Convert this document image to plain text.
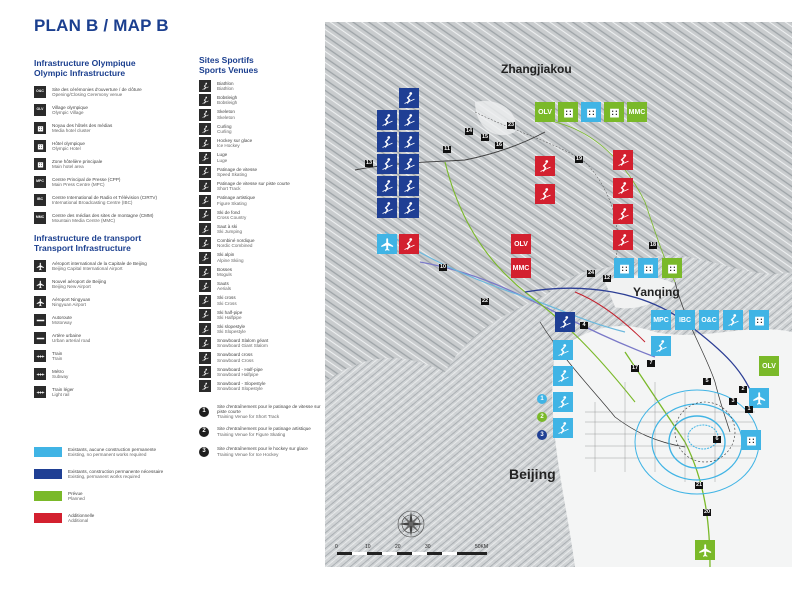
PLAN B / MAP B
Infrastructure Olympique
Olympic Infrastructure
O&C	Site des cérémonies d'ouverture / de clôture
Opening/Closing Ceremony venue
OLV	Village olympique
Olympic Village
Noyau des hôtels des médias
Media hotel cluster
Hôtel olympique
Olympic Hotel
Zone hôtelière principale
Main hotel area
MPC	Centre Principal de Presse (CPP)
Main Press Centre (MPC)
IBC	Centre International de Radio et Télévision (CIRTV)
International Broadcasting Centre (IBC)
MMC	Centre des médias des sites de montagne (CMM)
Mountain Media Centre (MMC)
Infrastructure de transport
Transport Infrastructure
Aéroport international de la Capitale de Beijing
Beijing Capital International Airport
Nouvel aéroport de Beijing
Beijing New Airport
Aéroport Ningyuan
Ningyuan Airport
Autoroute
Motorway
Artère urbaine
Urban arterial road
Train
Train
Métro
Subway
Train léger
Light rail
Existants, aucune construction permanente
Existing, no permanent works required
Existants, construction permanente nécessaire
Existing, permanent works required
Prévue
Planned
Additionnelle
Additional
Sites Sportifs
Sports Venues
Biathlon
Biathlon
Bobsleigh
Bobsleigh
Skeleton
Skeleton
Curling
Curling
Hockey sur glace
Ice Hockey
Luge
Luge
Patinage de vitesse
Speed Skating
Patinage de vitesse sur piste courte
Short Track
Patinage artistique
Figure Skating
Ski de fond
Cross Country
Saut à ski
Ski Jumping
Combiné nordique
Nordic Combined
Ski alpin
Alpine Skiing
Bosses
Moguls
Sauts
Aerials
Ski cross
Ski Cross
Ski half-pipe
Ski Halfpipe
Ski slopestyle
Ski Slopestyle
Snowboard Slalom géant
Snowboard Giant Slalom
Snowboard cross
Snowboard Cross
Snowboard - Half-pipe
Snowboard Halfpipe
Snowboard - Slopestyle
Snowboard Slopestyle
1
Site d'entraînement pour le patinage de vitesse sur piste courte
Training Venue for Short Track
2	Site d'entraînement pour le patinage artistique
Training Venue for Figure Skating
3	Site d'entraînement pour le hockey sur glace
Training Venue for Ice Hockey
Zhangjiakou
Yanqing
Beijing
OLV	MMC
OLV
MMC
MPC	IBC	O&C
OLV
1
2
3
1
2
3
4
5
6
7
10
11
12
13
14
15
16
17
18
19
20
21
22
23
24
0	10	20	30	50KM
